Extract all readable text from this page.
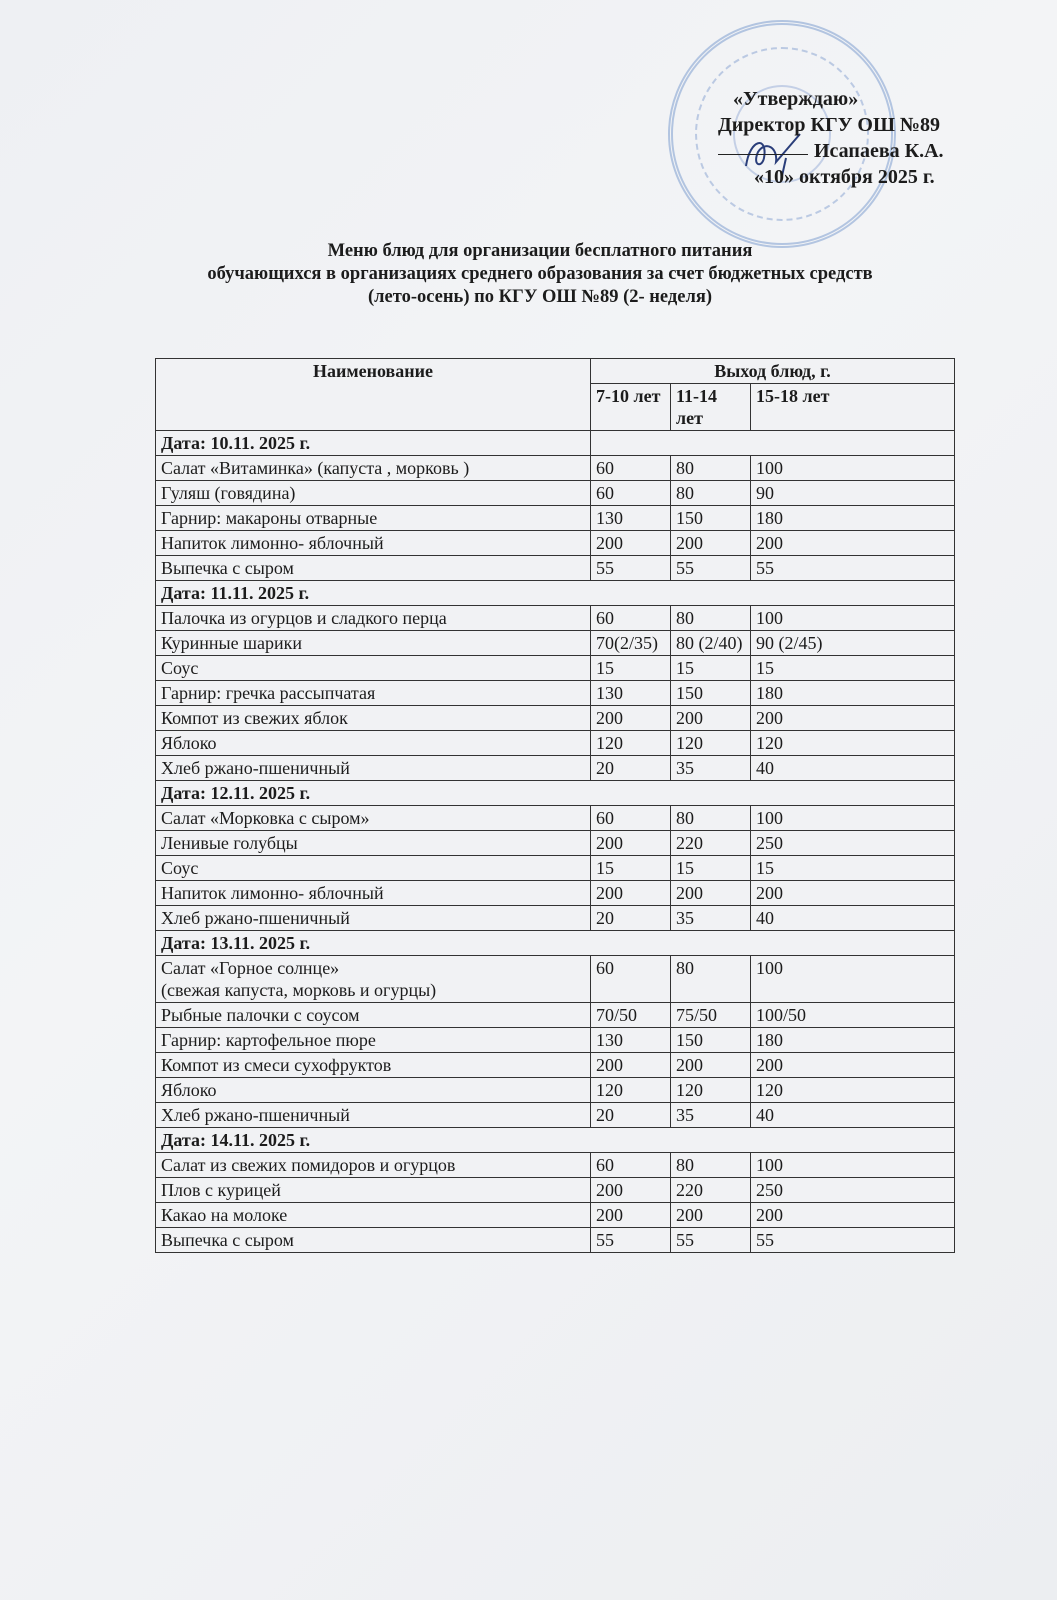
«Утверждаю»
Директор КГУ ОШ №89
Исапаева К.А.
«10» октября 2025 г.
Меню блюд для организации бесплатного питания
обучающихся в организациях среднего образования за счет бюджетных средств
(лето-осень) по КГУ ОШ №89 (2- неделя)
Наименование	Выход блюд, г.		
	7-10 лет	11-14 лет	15-18 лет
Дата: 10.11. 2025 г.			

Салат «Витаминка» (капуста , морковь )	60	80	100

Гуляш (говядина)	60	80	90

Гарнир: макароны отварные	130	150	180

Напиток лимонно- яблочный	200	200	200

Выпечка с сыром	55	55	55
Дата: 11.11. 2025 г.			

Палочка из огурцов и сладкого перца	60	80	100

Куринные шарики	70(2/35)	80 (2/40)	90 (2/45)

Соус	15	15	15

Гарнир: гречка рассыпчатая	130	150	180

Компот из свежих яблок	200	200	200

Яблоко	120	120	120

Хлеб ржано-пшеничный	20	35	40
Дата: 12.11. 2025 г.			

Салат «Морковка с сыром»	60	80	100

Ленивые голубцы	200	220	250

Соус	15	15	15

Напиток лимонно- яблочный	200	200	200

Хлеб ржано-пшеничный	20	35	40
Дата: 13.11. 2025 г.			

Салат «Горное солнце»
(свежая капуста, морковь и огурцы)	60	80	100

Рыбные палочки с соусом	70/50	75/50	100/50

Гарнир: картофельное пюре	130	150	180

Компот из смеси сухофруктов	200	200	200

Яблоко	120	120	120

Хлеб ржано-пшеничный	20	35	40
Дата: 14.11. 2025 г.			

Салат из свежих помидоров и огурцов	60	80	100

Плов с курицей	200	220	250

Какао на молоке	200	200	200

Выпечка с сыром	55	55	55
